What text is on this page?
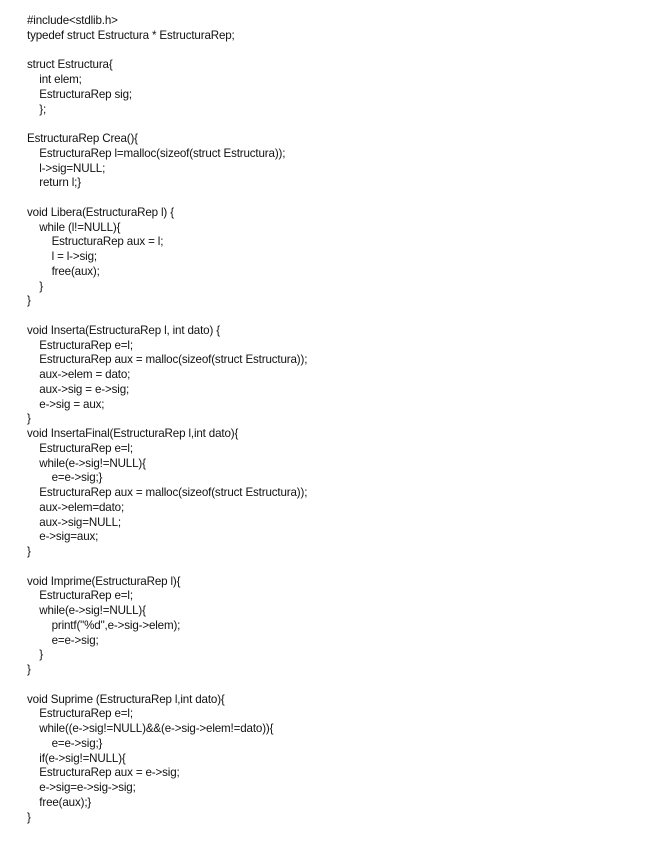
#include<stdlib.h>
typedef struct Estructura * EstructuraRep;
struct Estructura{
int elem;
EstructuraRep sig;
};
EstructuraRep Crea(){
EstructuraRep l=malloc(sizeof(struct Estructura));
l->sig=NULL;
return l;}
void Libera(EstructuraRep l) {
while (l!=NULL){
EstructuraRep aux = l;
l = l->sig;
free(aux);
}
}
void Inserta(EstructuraRep l, int dato) {
EstructuraRep e=l;
EstructuraRep aux = malloc(sizeof(struct Estructura));
aux->elem = dato;
aux->sig = e->sig;
e->sig = aux;
}
void InsertaFinal(EstructuraRep l,int dato){
EstructuraRep e=l;
while(e->sig!=NULL){
e=e->sig;}
EstructuraRep aux = malloc(sizeof(struct Estructura));
aux->elem=dato;
aux->sig=NULL;
e->sig=aux;
}
void Imprime(EstructuraRep l){
EstructuraRep e=l;
while(e->sig!=NULL){
printf("%d",e->sig->elem);
e=e->sig;
}
}
void Suprime (EstructuraRep l,int dato){
EstructuraRep e=l;
while((e->sig!=NULL)&&(e->sig->elem!=dato)){
e=e->sig;}
if(e->sig!=NULL){
EstructuraRep aux = e->sig;
e->sig=e->sig->sig;
free(aux);}
}
